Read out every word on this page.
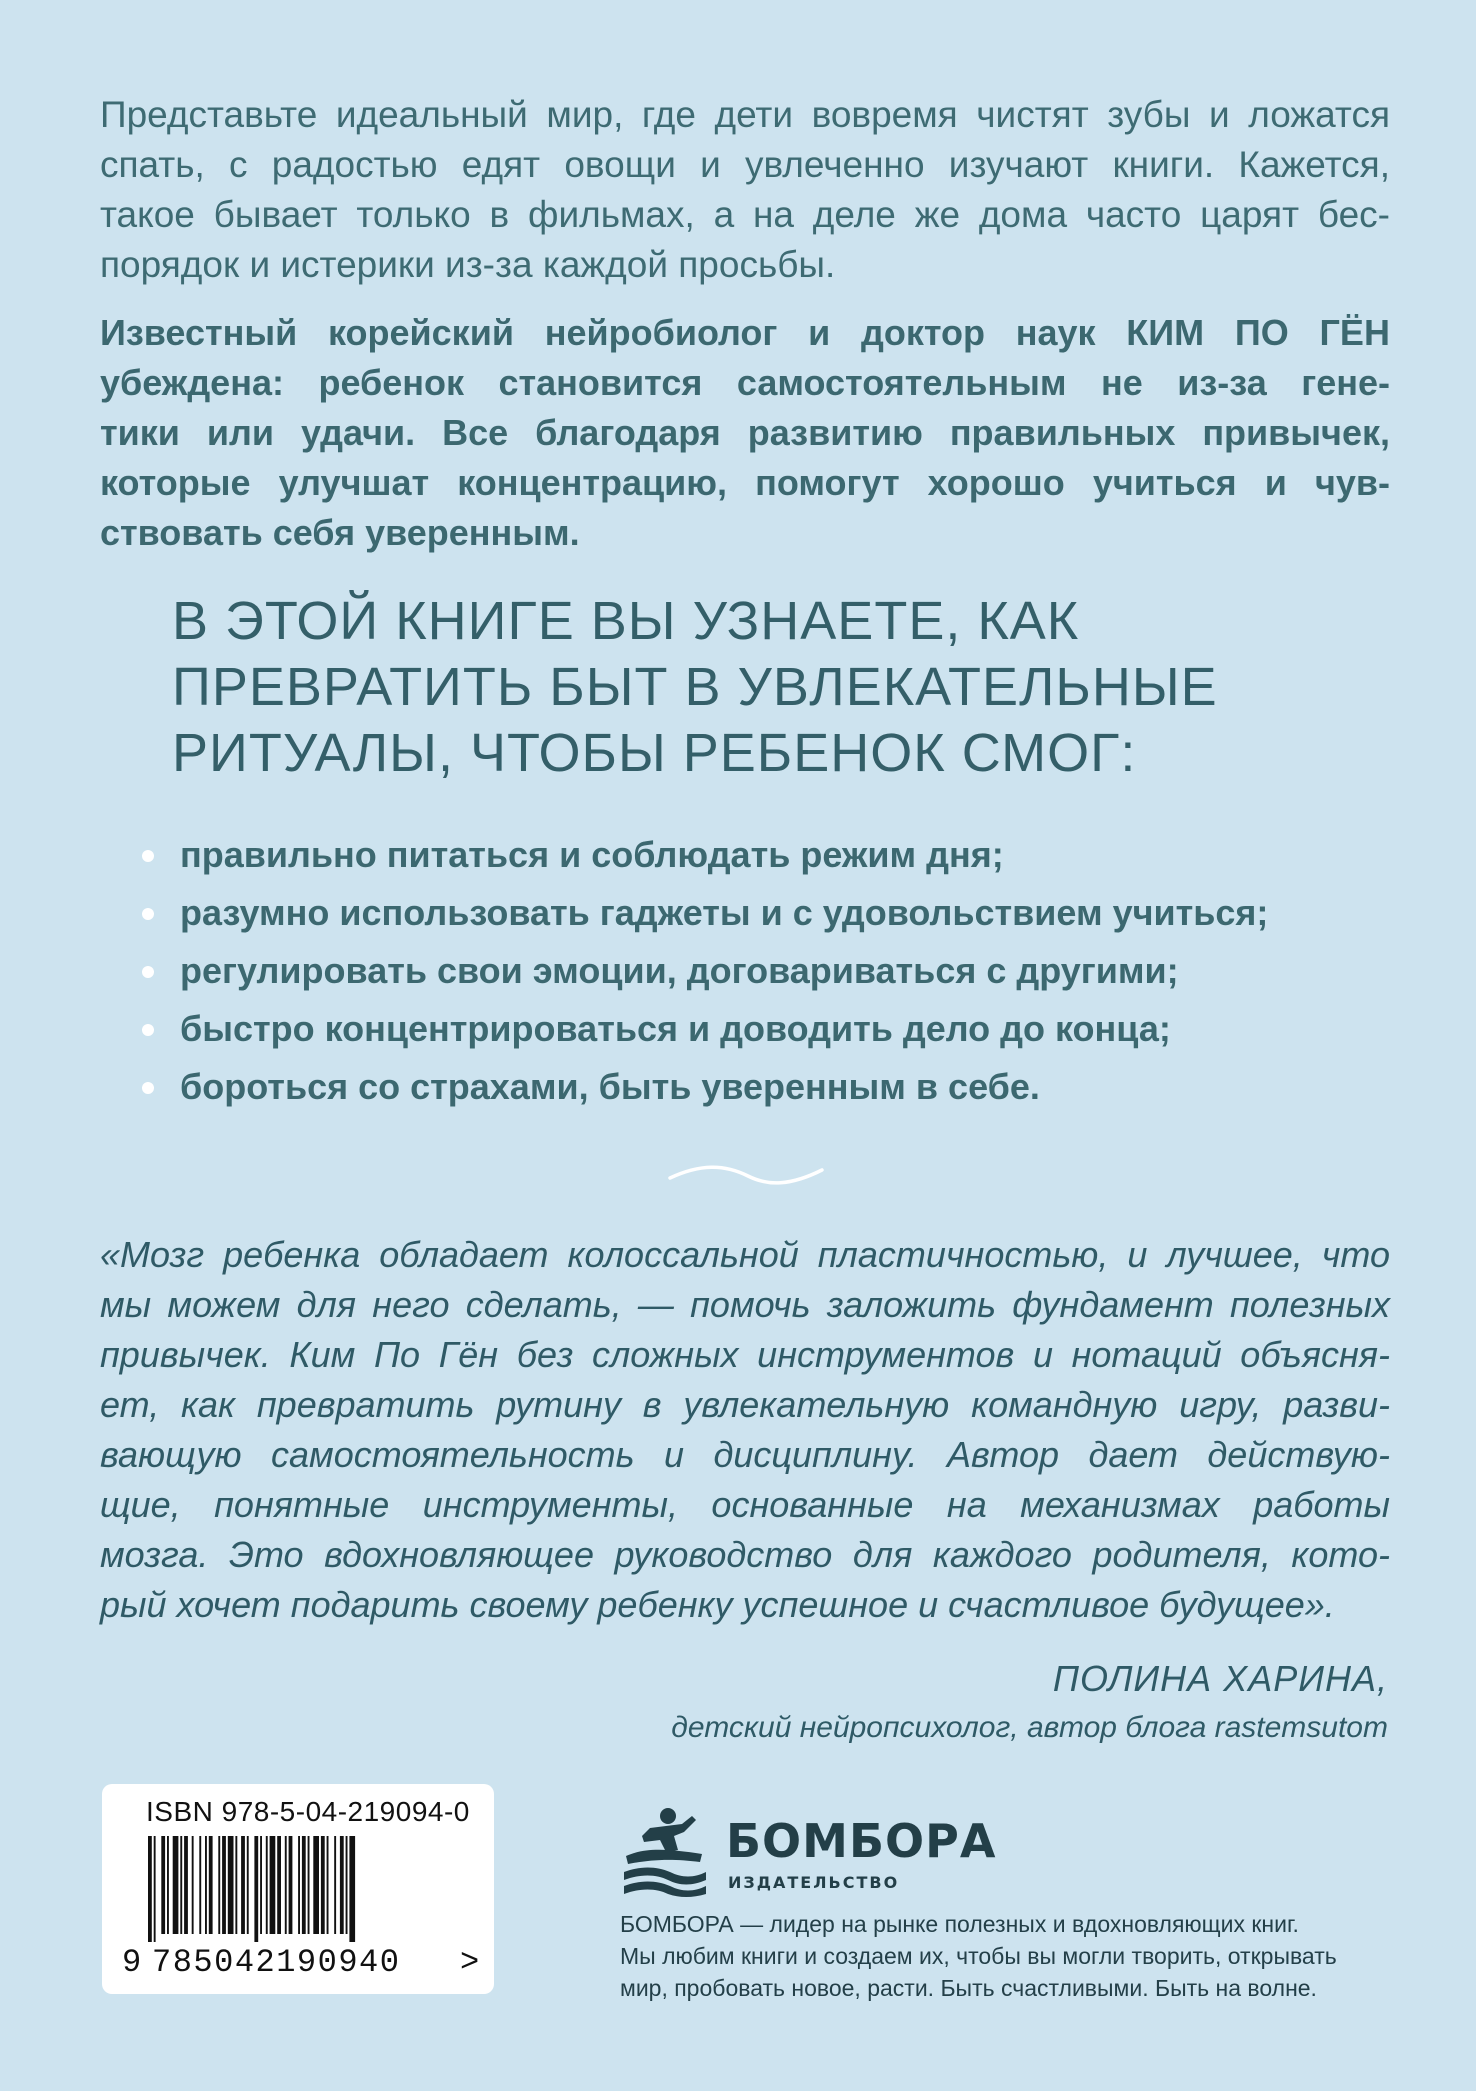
Представьте идеальный мир, где дети вовремя чистят зубы и ложатся
спать, с радостью едят овощи и увлеченно изучают книги. Кажется,
такое бывает только в фильмах, а на деле же дома часто царят бес-
порядок и истерики из-за каждой просьбы.
Известный корейский нейробиолог и доктор наук КИМ ПО ГЁН
убеждена: ребенок становится самостоятельным не из-за генe-
тики или удачи. Все благодаря развитию правильных привычек,
которые улучшат концентрацию, помогут хорошо учиться и чув-
ствовать себя уверенным.
В ЭТОЙ КНИГЕ ВЫ УЗНАЕТЕ, КАК
ПРЕВРАТИТЬ БЫТ В УВЛЕКАТЕЛЬНЫЕ
РИТУАЛЫ, ЧТОБЫ РЕБЕНОК СМОГ:
правильно питаться и соблюдать режим дня;
разумно использовать гаджеты и с удовольствием учиться;
регулировать свои эмоции, договариваться с другими;
быстро концентрироваться и доводить дело до конца;
бороться со страхами, быть уверенным в себе.
«Мозг ребенка обладает колоссальной пластичностью, и лучшее, что
мы можем для него сделать, — помочь заложить фундамент полезных
привычек. Ким По Гён без сложных инструментов и нотаций объясня-
ет, как превратить рутину в увлекательную командную игру, разви-
вающую самостоятельность и дисциплину. Автор дает действую-
щие, понятные инструменты, основанные на механизмах работы
мозга. Это вдохновляющее руководство для каждого родителя, кото-
рый хочет подарить своему ребенку успешное и счастливое будущее».
ПОЛИНА ХАРИНА,
детский нейропсихолог, автор блога rastemsutom
ISBN 978-5-04-219094-0
9 785042190940 >
БОМБОРА
ИЗДАТЕЛЬСТВО
БОМБОРА — лидер на рынке полезных и вдохновляющих книг.
Мы любим книги и создаем их, чтобы вы могли творить, открывать
мир, пробовать новое, расти. Быть счастливыми. Быть на волне.
